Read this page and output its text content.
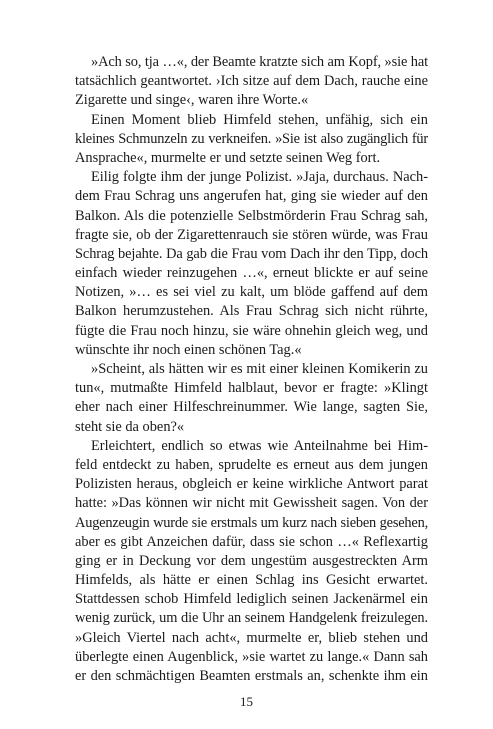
»Ach so, tja …«, der Beamte kratzte sich am Kopf, »sie hat
tatsächlich geantwortet. ›Ich sitze auf dem Dach, rauche eine
Zigarette und singe‹, waren ihre Worte.«
Einen Moment blieb Himfeld stehen, unfähig, sich ein
kleines Schmunzeln zu verkneifen. »Sie ist also zugänglich für
Ansprache«, murmelte er und setzte seinen Weg fort.
Eilig folgte ihm der junge Polizist. »Jaja, durchaus. Nach-
dem Frau Schrag uns angerufen hat, ging sie wieder auf den
Balkon. Als die potenzielle Selbstmörderin Frau Schrag sah,
fragte sie, ob der Zigarettenrauch sie stören würde, was Frau
Schrag bejahte. Da gab die Frau vom Dach ihr den Tipp, doch
einfach wieder reinzugehen …«, erneut blickte er auf seine
Notizen, »… es sei viel zu kalt, um blöde gaffend auf dem
Balkon herumzustehen. Als Frau Schrag sich nicht rührte,
fügte die Frau noch hinzu, sie wäre ohnehin gleich weg, und
wünschte ihr noch einen schönen Tag.«
»Scheint, als hätten wir es mit einer kleinen Komikerin zu
tun«, mutmaßte Himfeld halblaut, bevor er fragte: »Klingt
eher nach einer Hilfeschreinummer. Wie lange, sagten Sie,
steht sie da oben?«
Erleichtert, endlich so etwas wie Anteilnahme bei Him-
feld entdeckt zu haben, sprudelte es erneut aus dem jungen
Polizisten heraus, obgleich er keine wirkliche Antwort parat
hatte: »Das können wir nicht mit Gewissheit sagen. Von der
Augenzeugin wurde sie erstmals um kurz nach sieben gesehen,
aber es gibt Anzeichen dafür, dass sie schon …« Reflexartig
ging er in Deckung vor dem ungestüm ausgestreckten Arm
Himfelds, als hätte er einen Schlag ins Gesicht erwartet.
Stattdessen schob Himfeld lediglich seinen Jackenärmel ein
wenig zurück, um die Uhr an seinem Handgelenk freizulegen.
»Gleich Viertel nach acht«, murmelte er, blieb stehen und
überlegte einen Augenblick, »sie wartet zu lange.« Dann sah
er den schmächtigen Beamten erstmals an, schenkte ihm ein
15
